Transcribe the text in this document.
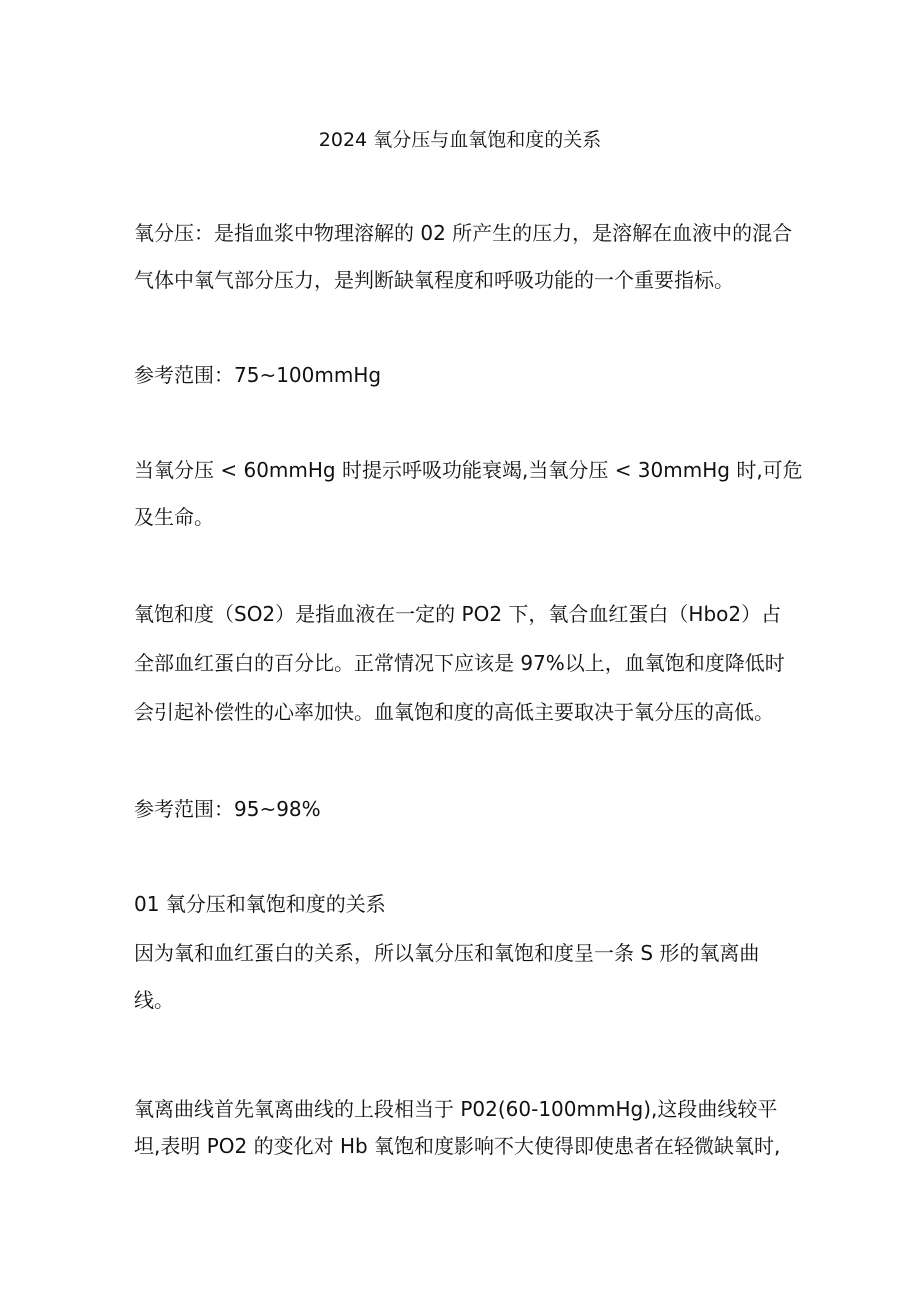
2024 氧分压与血氧饱和度的关系
氧分压：是指血浆中物理溶解的 02 所产生的压力，是溶解在血液中的混合
气体中氧气部分压力，是判断缺氧程度和呼吸功能的一个重要指标。
参考范围：75~100mmHg
当氧分压 < 60mmHg 时提示呼吸功能衰竭,当氧分压 < 30mmHg 时,可危
及生命。
氧饱和度（SO2）是指血液在一定的 PO2 下，氧合血红蛋白（Hbo2）占
全部血红蛋白的百分比。正常情况下应该是 97%以上，血氧饱和度降低时
会引起补偿性的心率加快。血氧饱和度的高低主要取决于氧分压的高低。
参考范围：95~98%
01 氧分压和氧饱和度的关系
因为氧和血红蛋白的关系，所以氧分压和氧饱和度呈一条 S 形的氧离曲
线。
氧离曲线首先氧离曲线的上段相当于 P02(60-100mmHg),这段曲线较平
坦,表明 PO2 的变化对 Hb 氧饱和度影响不大使得即使患者在轻微缺氧时,
